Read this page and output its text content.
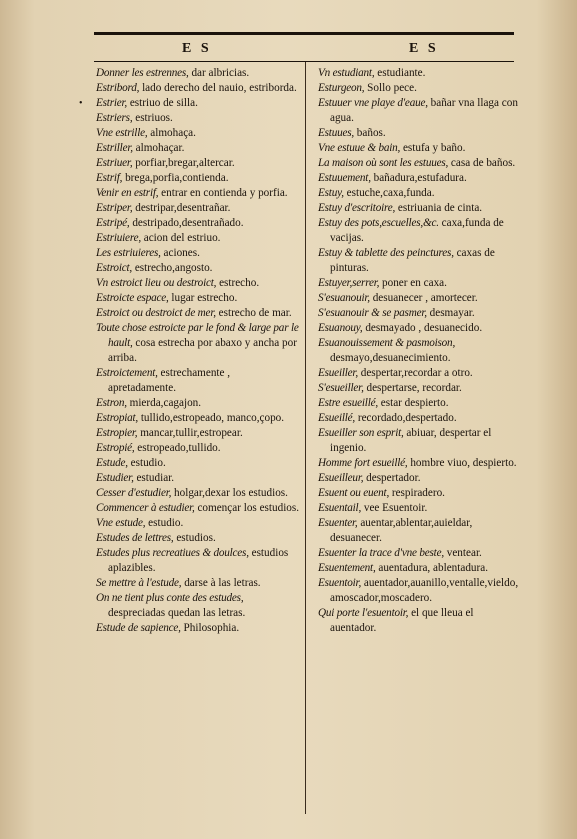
E S	E S
•

Donner les estrennes, dar albricias.

Estribord, lado derecho del nauio, estriborda.

Estrier, estriuo de silla.

Estriers, estriuos.

Vne estrille, almohaça.

Estriller, almohaçar.

Estriuer, porfiar,bregar,altercar.

Estrif, brega,porfia,contienda.

Venir en estrif, entrar en contienda y porfia.

Estriper, destripar,desentrañar.

Estripé, destripado,desentrañado.

Estriuiere, acion del estriuo.

Les estriuieres, aciones.

Estroict, estrecho,angosto.

Vn estroict lieu ou destroict, estrecho.

Estroicte espace, lugar estrecho.

Estroict ou destroict de mer, estrecho de mar.

Toute chose estroicte par le fond & large par le hault, cosa estrecha por abaxo y ancha por arriba.

Estroictement, estrechamente , apretadamente.

Estron, mierda,cagajon.

Estropiat, tullido,estropeado, manco,çopo.

Estropier, mancar,tullir,estropear.

Estropié, estropeado,tullido.

Estude, estudio.

Estudier, estudiar.

Cesser d'estudier, holgar,dexar los estudios.

Commencer à estudier, començar los estudios.

Vne estude, estudio.

Estudes de lettres, estudios.

Estudes plus recreatiues & doulces, estudios aplazibles.

Se mettre à l'estude, darse à las letras.

On ne tient plus conte des estudes, despreciadas quedan las letras.

Estude de sapience, Philosophia.

Vn estudiant, estudiante.

Esturgeon, Sollo pece.

Estuuer vne playe d'eaue, bañar vna llaga con agua.

Estuues, baños.

Vne estuue & bain, estufa y baño.

La maison où sont les estuues, casa de baños.

Estuuement, bañadura,estufadura.

Estuy, estuche,caxa,funda.

Estuy d'escritoire, estriuania de cinta.

Estuy des pots,escuelles,&c. caxa,funda de vacijas.

Estuy & tablette des peinctures, caxas de pinturas.

Estuyer,serrer, poner en caxa.

S'esuanouir, desuanecer , amortecer.

S'esuanouir & se pasmer, desmayar.

Esuanouy, desmayado , desuanecido.

Esuanouissement & pasmoison, desmayo,desuanecimiento.

Esueiller, despertar,recordar a otro.

S'esueiller, despertarse, recordar.

Estre esueillé, estar despierto.

Esueillé, recordado,despertado.

Esueiller son esprit, abiuar, despertar el ingenio.

Homme fort esueillé, hombre viuo, despierto.

Esueilleur, despertador.

Esuent ou euent, respiradero.

Esuentail, vee Esuentoir.

Esuenter, auentar,ablentar,auieldar, desuanecer.

Esuenter la trace d'vne beste, ventear.

Esuentement, auentadura, ablentadura.

Esuentoir, auentador,auanillo,ventalle,vieldo, amoscador,moscadero.

Qui porte l'esuentoir, el que lleua el auentador.
